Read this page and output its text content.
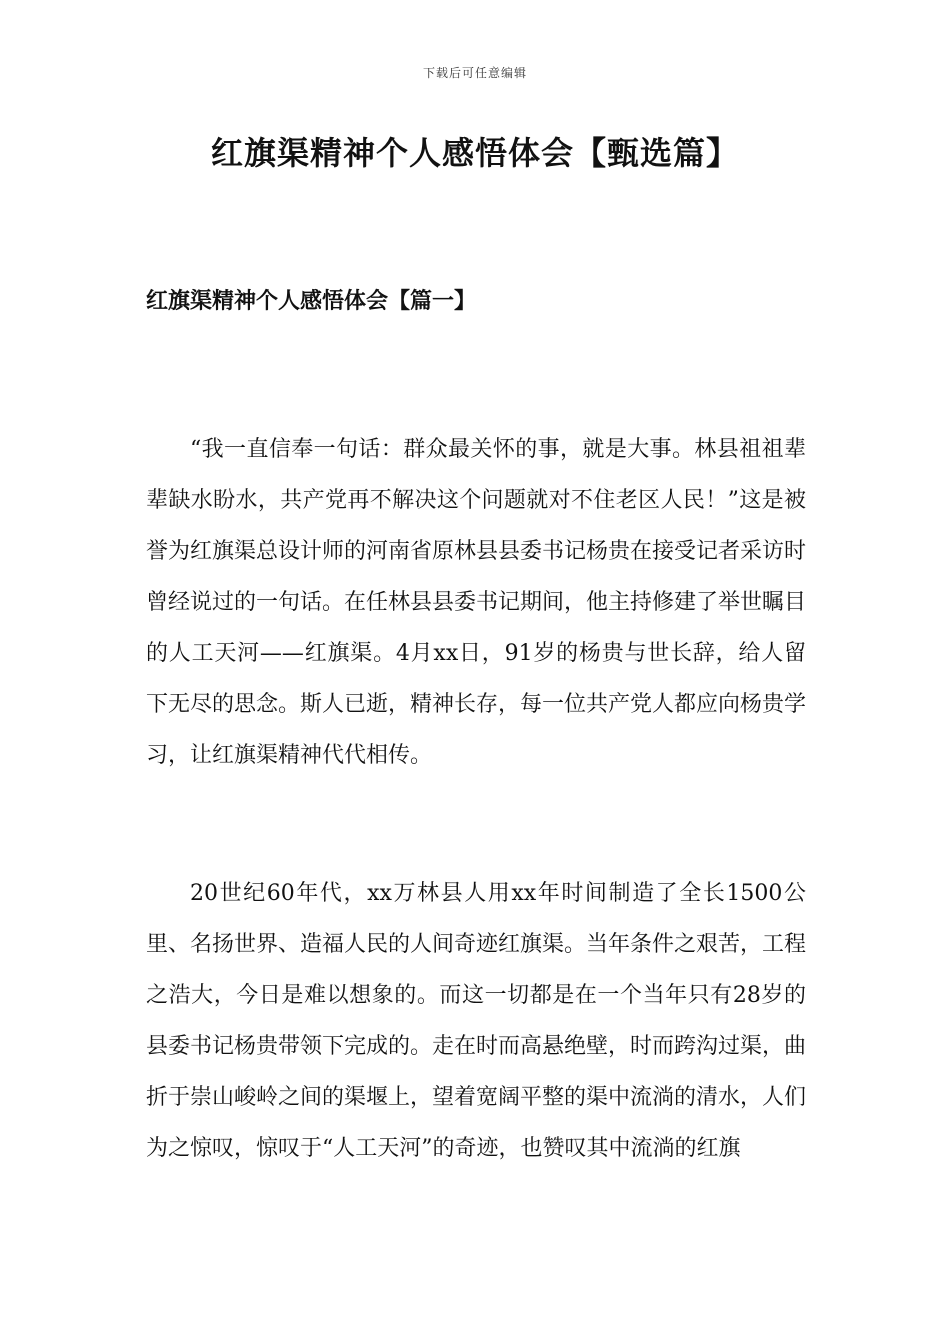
下载后可任意编辑
红旗渠精神个人感悟体会【甄选篇】
红旗渠精神个人感悟体会【篇一】

“我一直信奉一句话：群众最关怀的事，就是大事。林县祖祖辈辈缺水盼水，共产党再不解决这个问题就对不住老区人民！”这是被誉为红旗渠总设计师的河南省原林县县委书记杨贵在接受记者采访时曾经说过的一句话。在任林县县委书记期间，他主持修建了举世瞩目的人工天河——红旗渠。4月xx日，91岁的杨贵与世长辞，给人留下无尽的思念。斯人已逝，精神长存，每一位共产党人都应向杨贵学习，让红旗渠精神代代相传。

20世纪60年代，xx万林县人用xx年时间制造了全长1500公里、名扬世界、造福人民的人间奇迹红旗渠。当年条件之艰苦，工程之浩大，今日是难以想象的。而这一切都是在一个当年只有28岁的县委书记杨贵带领下完成的。走在时而高悬绝壁，时而跨沟过渠，曲折于崇山峻岭之间的渠堰上，望着宽阔平整的渠中流淌的清水，人们为之惊叹，惊叹于“人工天河”的奇迹，也赞叹其中流淌的红旗
